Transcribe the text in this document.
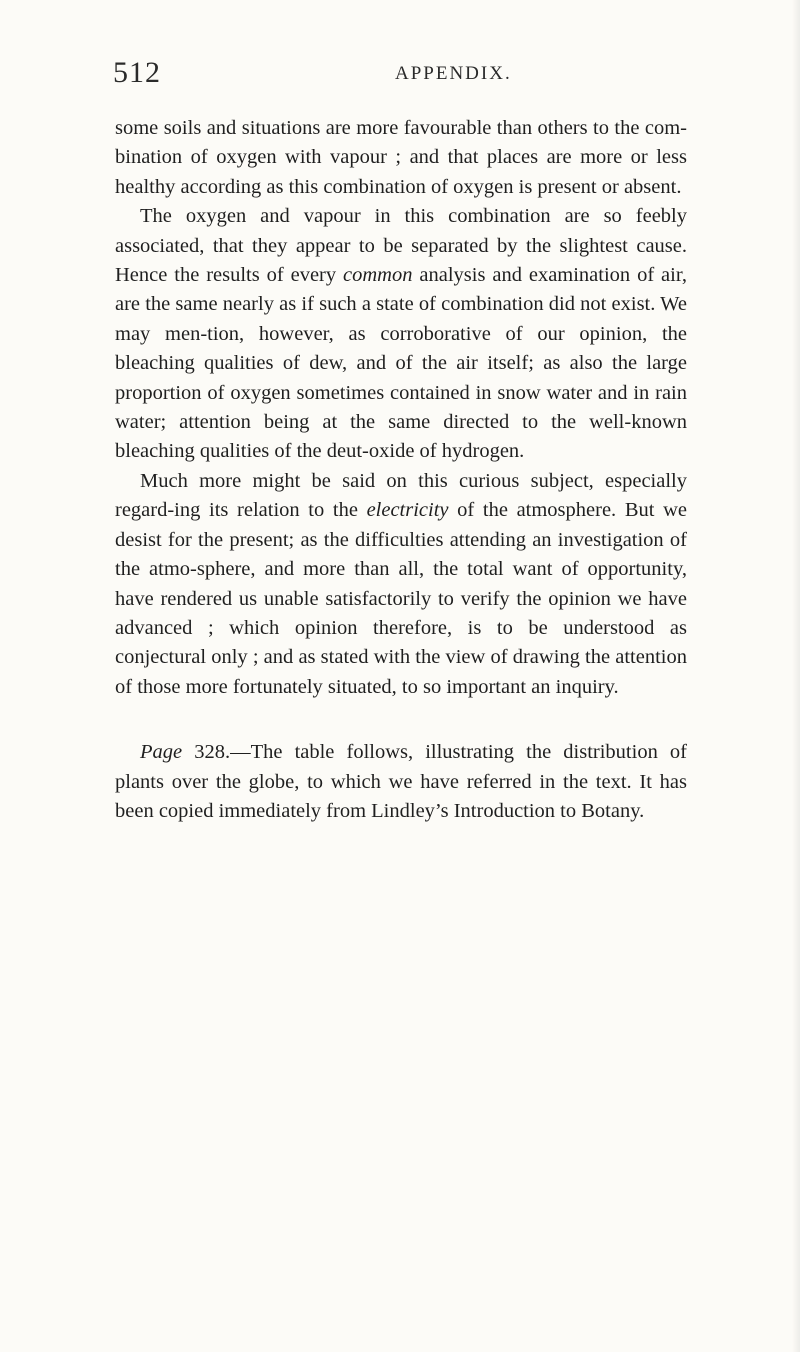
512	APPENDIX.

some soils and situations are more favourable than others to the com-bination of oxygen with vapour ; and that places are more or less healthy according as this combination of oxygen is present or absent.

The oxygen and vapour in this combination are so feebly associated, that they appear to be separated by the slightest cause. Hence the results of every common analysis and examination of air, are the same nearly as if such a state of combination did not exist. We may men-tion, however, as corroborative of our opinion, the bleaching qualities of dew, and of the air itself; as also the large proportion of oxygen sometimes contained in snow water and in rain water; attention being at the same directed to the well-known bleaching qualities of the deut-oxide of hydrogen.

Much more might be said on this curious subject, especially regard-ing its relation to the electricity of the atmosphere. But we desist for the present; as the difficulties attending an investigation of the atmo-sphere, and more than all, the total want of opportunity, have rendered us unable satisfactorily to verify the opinion we have advanced ; which opinion therefore, is to be understood as conjectural only ; and as stated with the view of drawing the attention of those more fortunately situated, to so important an inquiry.

Page 328.—The table follows, illustrating the distribution of plants over the globe, to which we have referred in the text. It has been copied immediately from Lindley’s Introduction to Botany.
